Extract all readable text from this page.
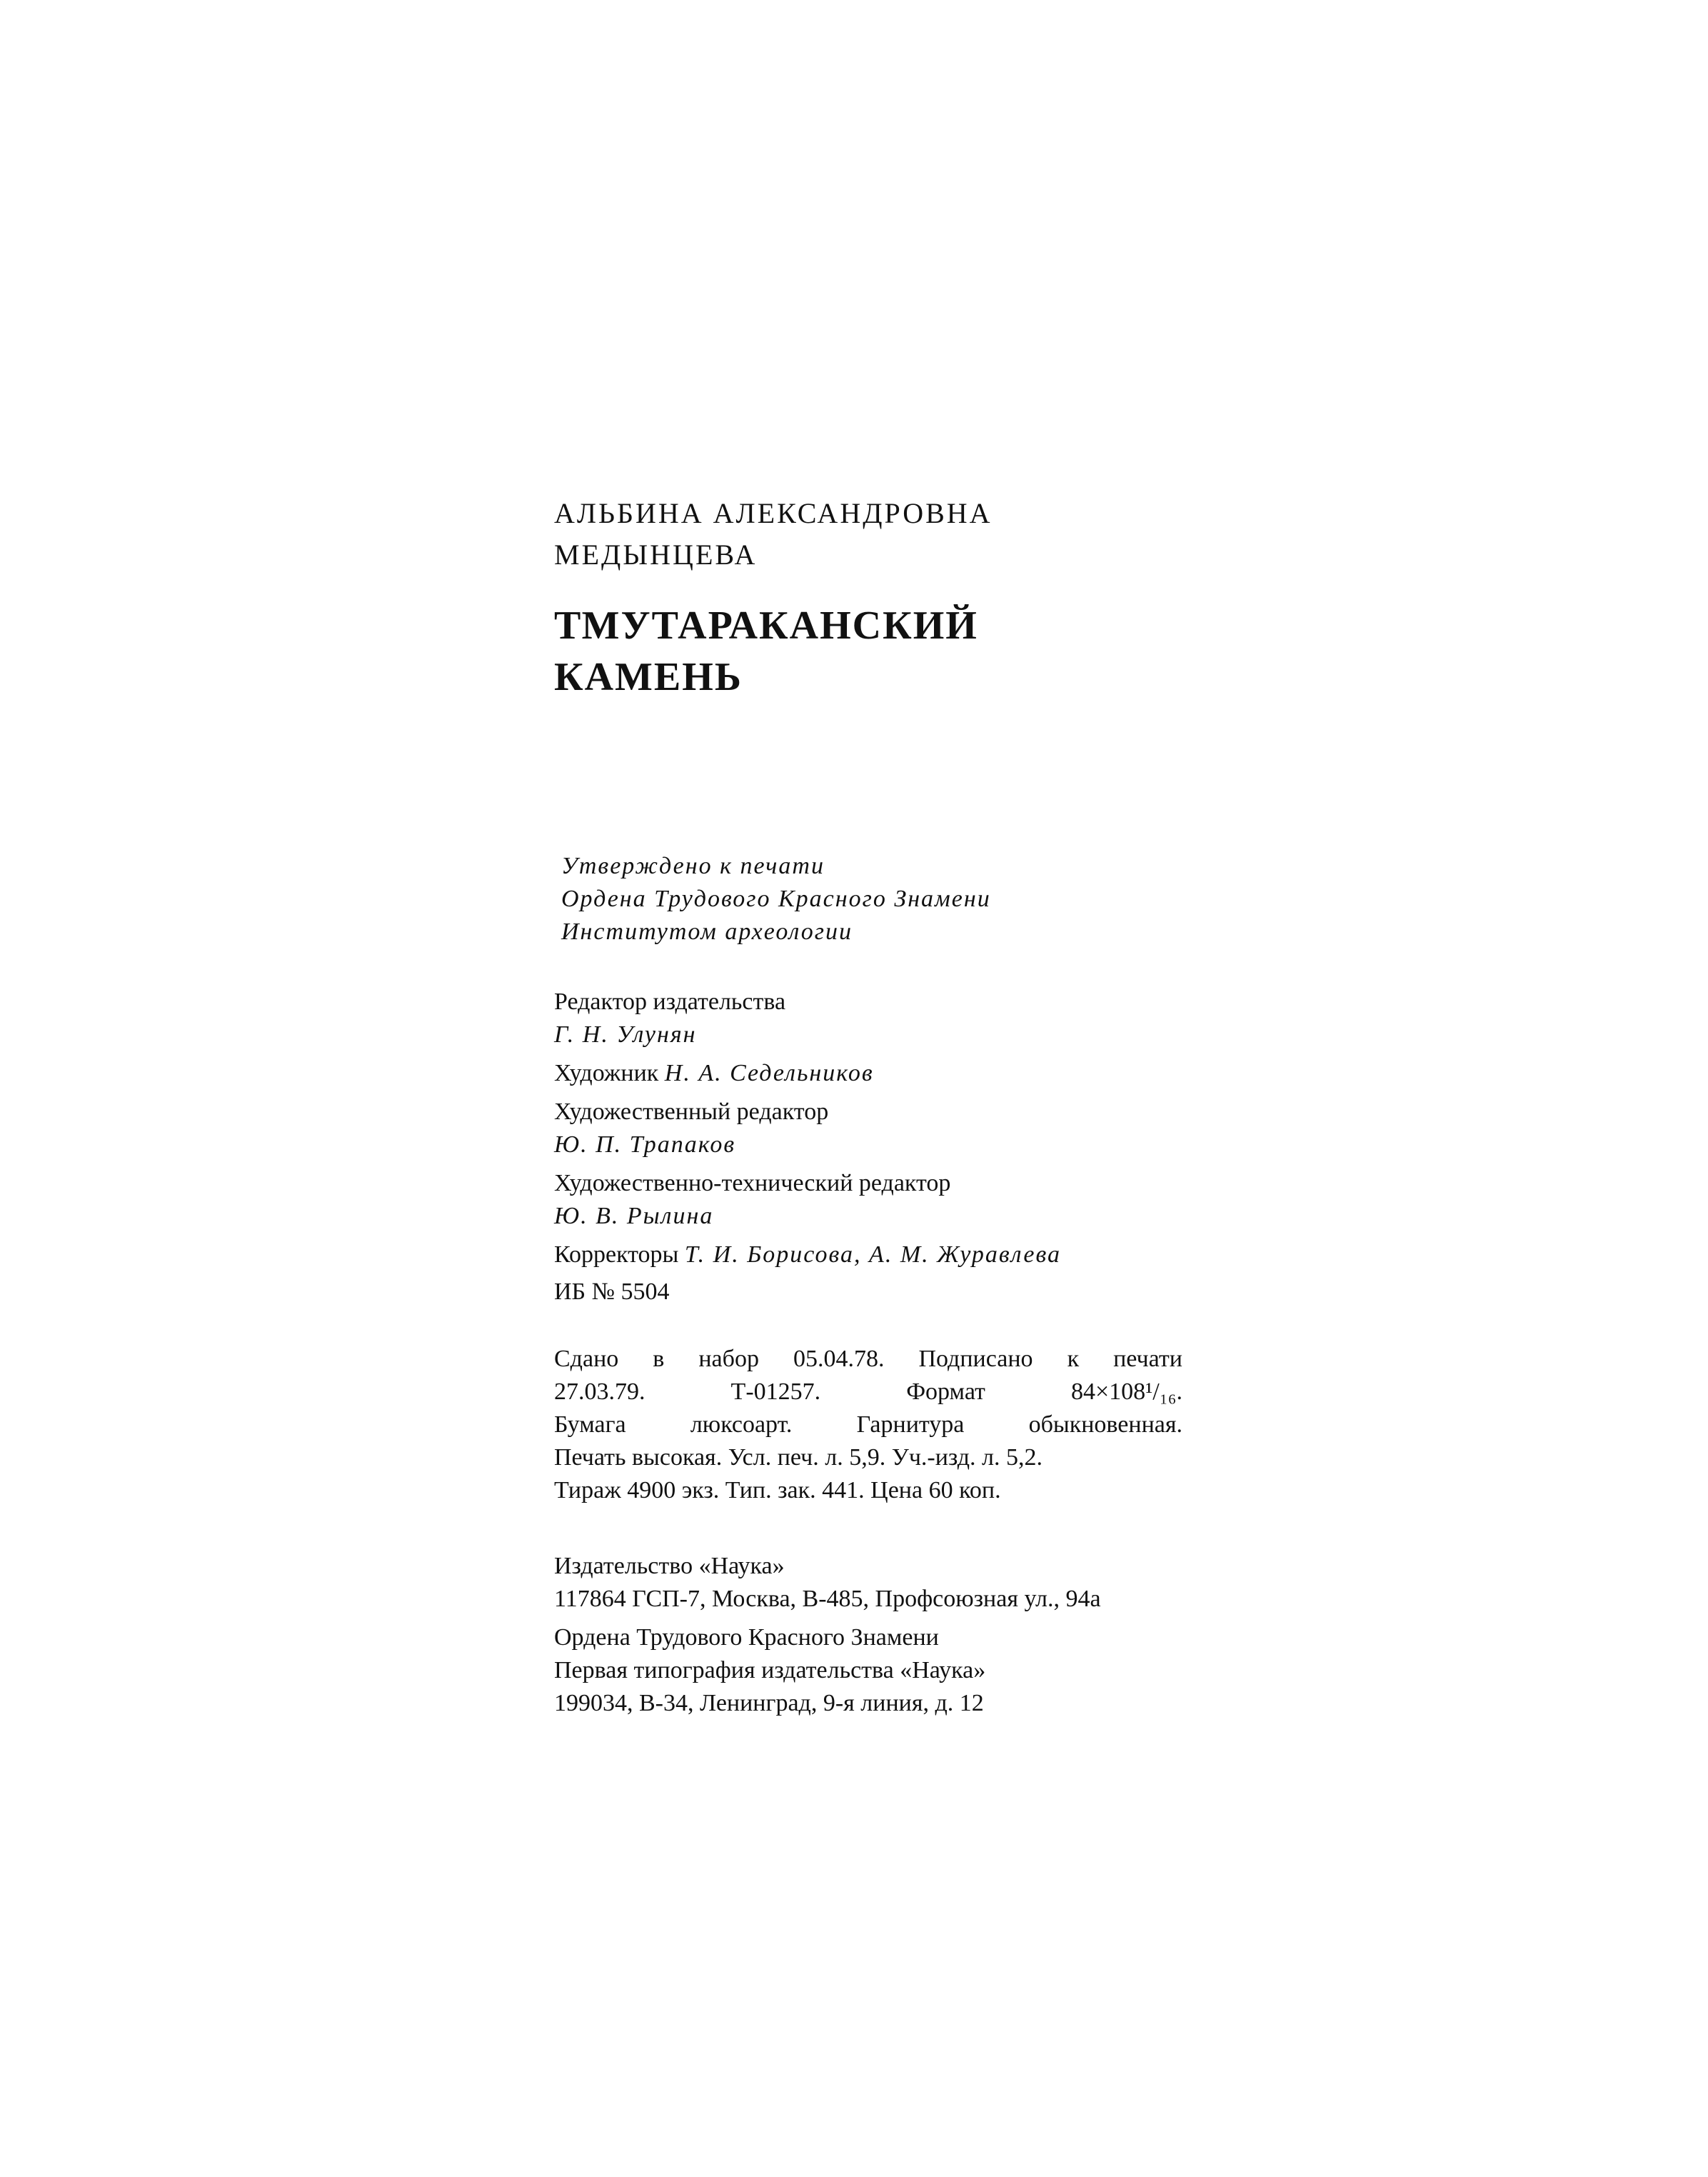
АЛЬБИНА АЛЕКСАНДРОВНА
МЕДЫНЦЕВА
ТМУТАРАКАНСКИЙ
КАМЕНЬ
Утверждено к печати
Ордена Трудового Красного Знамени
Институтом археологии
Редактор издательства
Г. Н. Улунян
Художник Н. А. Седельников
Художественный редактор
Ю. П. Трапаков
Художественно-технический редактор
Ю. В. Рылина
Корректоры Т. И. Борисова, А. М. Журавлева
ИБ № 5504
Сдано в набор 05.04.78. Подписано к печати
27.03.79.	Т-01257.	Формат	84×108¹/₁₆.
Бумага	люксоарт.	Гарнитура	обыкновенная.
Печать высокая. Усл. печ. л. 5,9. Уч.-изд. л. 5,2.
Тираж 4900 экз. Тип. зак. 441. Цена 60 коп.
Издательство «Наука»
117864 ГСП-7, Москва, В-485, Профсоюзная ул., 94а
Ордена Трудового Красного Знамени
Первая типография издательства «Наука»
199034, В-34, Ленинград, 9-я линия, д. 12
